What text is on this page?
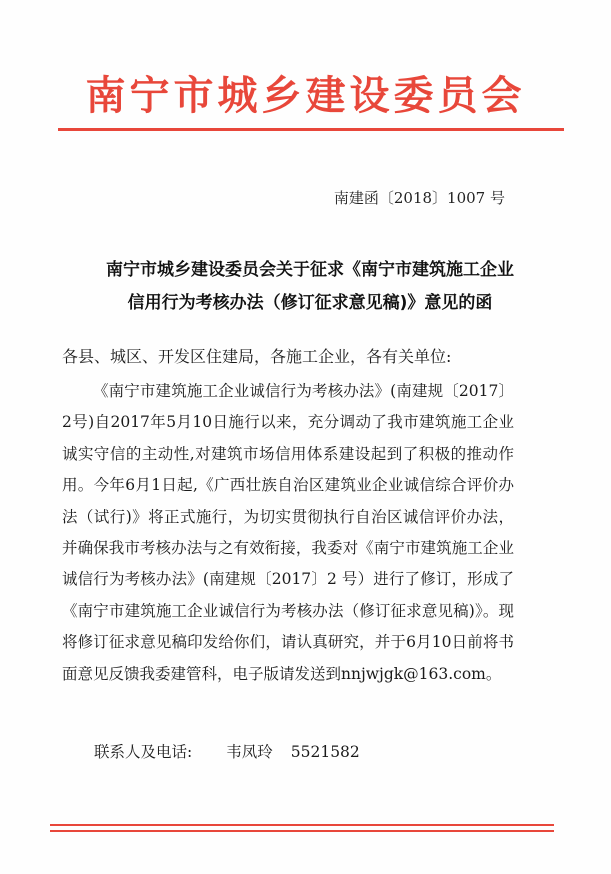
南宁市城乡建设委员会
南建函〔2018〕1007 号
南宁市城乡建设委员会关于征求《南宁市建筑施工企业
信用行为考核办法（修订征求意见稿)》意见的函
各县、城区、开发区住建局，各施工企业，各有关单位:
《南宁市建筑施工企业诚信行为考核办法》(南建规〔2017〕2号)自2017年5月10日施行以来，充分调动了我市建筑施工企业诚实守信的主动性,对建筑市场信用体系建设起到了积极的推动作用。今年6月1日起,《广西壮族自治区建筑业企业诚信综合评价办法（试行)》将正式施行，为切实贯彻执行自治区诚信评价办法，并确保我市考核办法与之有效衔接，我委对《南宁市建筑施工企业诚信行为考核办法》(南建规〔2017〕2 号）进行了修订，形成了《南宁市建筑施工企业诚信行为考核办法（修订征求意见稿)》。现将修订征求意见稿印发给你们，请认真研究，并于6月10日前将书面意见反馈我委建管科，电子版请发送到nnjwjgk@163.com。
联系人及电话: 韦凤玲 5521582
